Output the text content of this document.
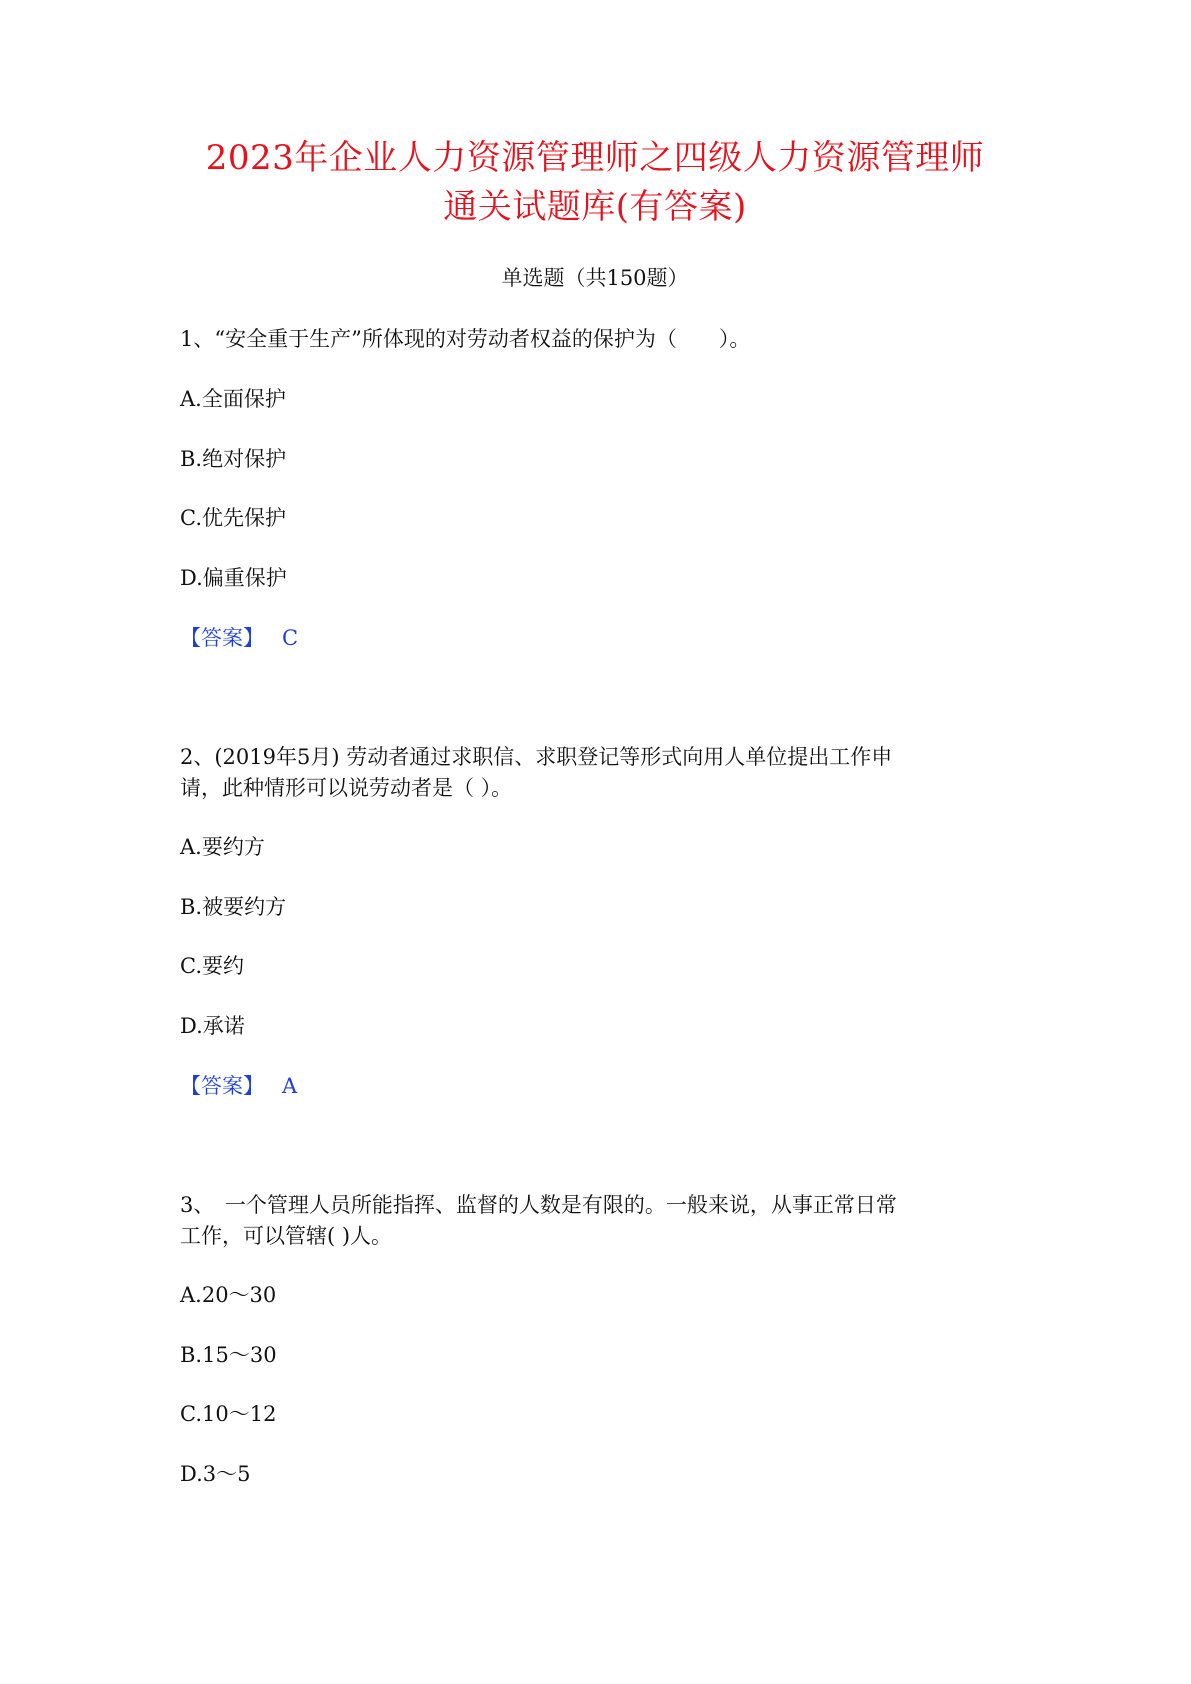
2023年企业人力资源管理师之四级人力资源管理师
通关试题库(有答案)
单选题（共150题）
1、“安全重于生产”所体现的对劳动者权益的保护为（　　）。
A.全面保护
B.绝对保护
C.优先保护
D.偏重保护
【答案】 C
2、(2019年5月) 劳动者通过求职信、求职登记等形式向用人单位提出工作申
请，此种情形可以说劳动者是（ ）。
A.要约方
B.被要约方
C.要约
D.承诺
【答案】 A
3、　一个管理人员所能指挥、监督的人数是有限的。一般来说，从事正常日常
工作，可以管辖( )人。
A.20～30
B.15～30
C.10～12
D.3～5
